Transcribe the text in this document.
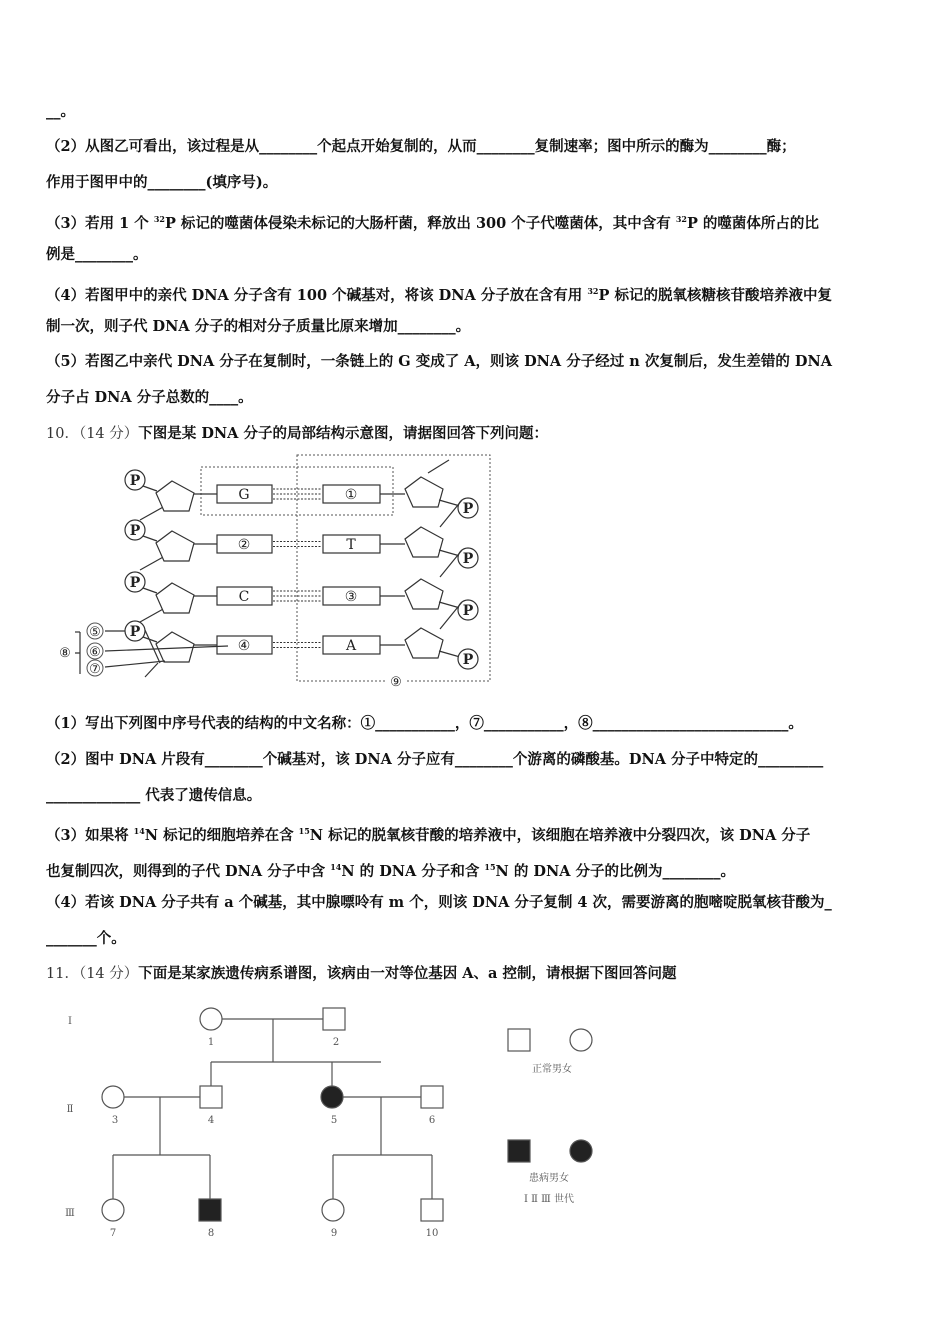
__。
（2）从图乙可看出，该过程是从________个起点开始复制的，从而________复制速率；图中所示的酶为________酶；
作用于图甲中的________(填序号)。
（3）若用 1 个 $^{32}$P 标记的噬菌体侵染未标记的大肠杆菌，释放出 300 个子代噬菌体，其中含有 $^{32}$P 的噬菌体所占的比
例是________。
（4）若图甲中的亲代 DNA 分子含有 100 个碱基对，将该 DNA 分子放在含有用 $^{32}$P 标记的脱氧核糖核苷酸培养液中复
制一次，则子代 DNA 分子的相对分子质量比原来增加________。
（5）若图乙中亲代 DNA 分子在复制时，一条链上的 G 变成了 A，则该 DNA 分子经过 n 次复制后，发生差错的 DNA
分子占 DNA 分子总数的____。
10．（14 分）下图是某 DNA 分子的局部结构示意图，请据图回答下列问题：
（1）写出下列图中序号代表的结构的中文名称：①___________，⑦___________，⑧___________________________。
（2）图中 DNA 片段有________个碱基对，该 DNA 分子应有________个游离的磷酸基。DNA 分子中特定的_________
_____________ 代表了遗传信息。
（3）如果将 $^{14}$N 标记的细胞培养在含 $^{15}$N 标记的脱氧核苷酸的培养液中，该细胞在培养液中分裂四次，该 DNA 分子
也复制四次，则得到的子代 DNA 分子中含 $^{14}$N 的 DNA 分子和含 $^{15}$N 的 DNA 分子的比例为________。
（4）若该 DNA 分子共有 a 个碱基，其中腺嘌呤有 m 个，则该 DNA 分子复制 4 次，需要游离的胞嘧啶脱氧核苷酸为_
_______个。
11．（14 分）下面是某家族遗传病系谱图，该病由一对等位基因 A、a 控制，请根据下图回答问题
⑤
⑥
⑦
⑧
⑨
P
G	①
P
P
②	T
P
P
C	③
P
P
④	A
P
Ⅰ
Ⅱ
Ⅲ
1	2
3	4	5	6
7	8	9	10
正常男女
患病男女
Ⅰ Ⅱ Ⅲ 世代
